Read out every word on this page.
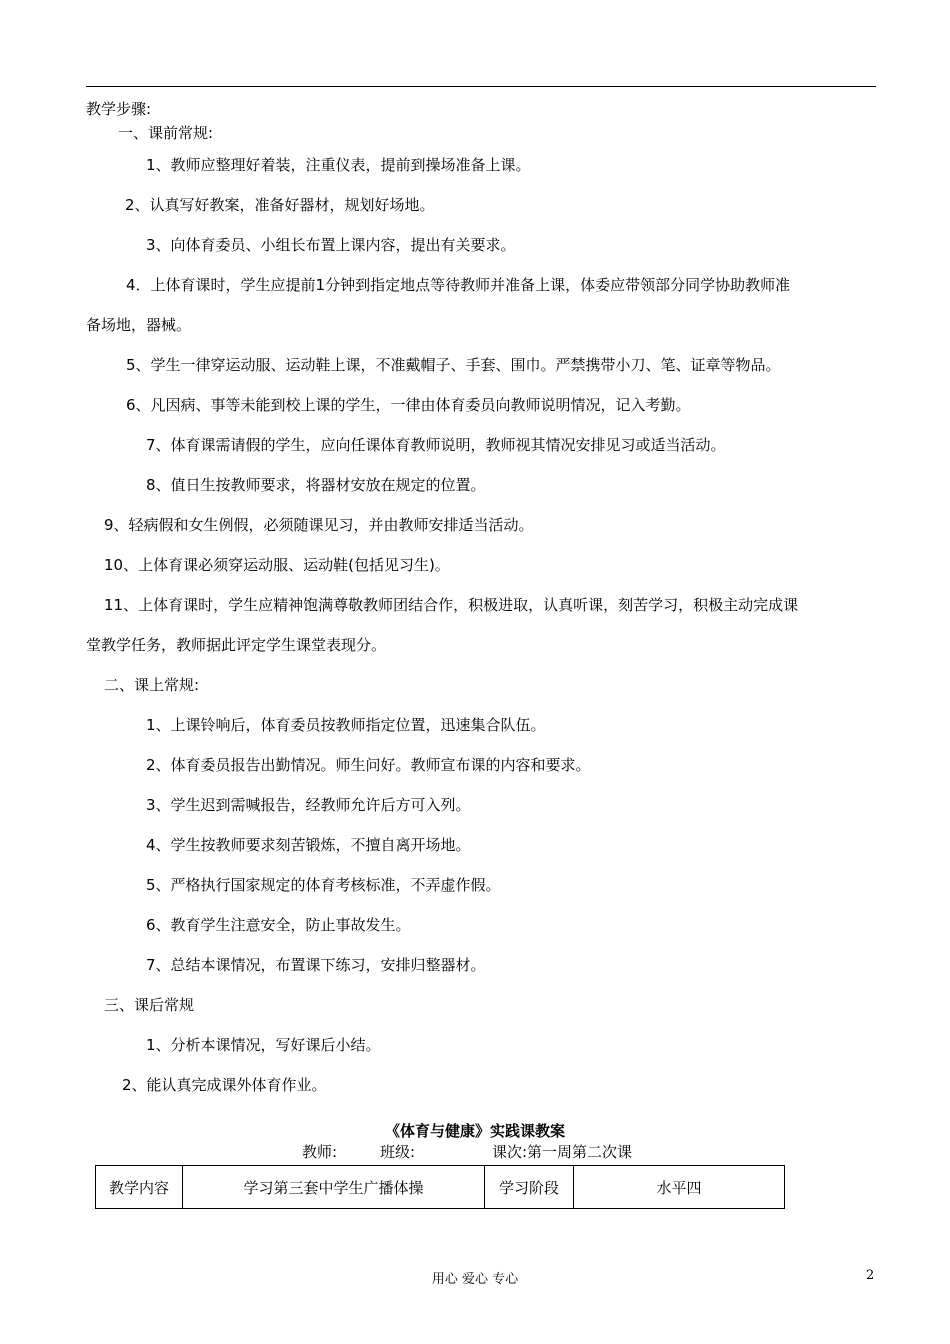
教学步骤:
一、课前常规:
1、教师应整理好着装，注重仪表，提前到操场准备上课。
2、认真写好教案，准备好器材，规划好场地。
3、向体育委员、小组长布置上课内容，提出有关要求。
4．上体育课时，学生应提前1分钟到指定地点等待教师并准备上课，体委应带领部分同学协助教师准
备场地，器械。
5、学生一律穿运动服、运动鞋上课，不准戴帽子、手套、围巾。严禁携带小刀、笔、证章等物品。
6、凡因病、事等未能到校上课的学生，一律由体育委员向教师说明情况，记入考勤。
7、体育课需请假的学生，应向任课体育教师说明，教师视其情况安排见习或适当活动。
8、值日生按教师要求，将器材安放在规定的位置。
9、轻病假和女生例假，必须随课见习，并由教师安排适当活动。
10、上体育课必须穿运动服、运动鞋(包括见习生)。
11、上体育课时，学生应精神饱满尊敬教师团结合作，积极进取，认真听课，刻苦学习，积极主动完成课
堂教学任务，教师据此评定学生课堂表现分。
二、课上常规:
1、上课铃响后，体育委员按教师指定位置，迅速集合队伍。
2、体育委员报告出勤情况。师生问好。教师宣布课的内容和要求。
3、学生迟到需喊报告，经教师允许后方可入列。
4、学生按教师要求刻苦锻炼，不擅自离开场地。
5、严格执行国家规定的体育考核标准，不弄虚作假。
6、教育学生注意安全，防止事故发生。
7、总结本课情况，布置课下练习，安排归整器材。
三、课后常规
1、分析本课情况，写好课后小结。
2、能认真完成课外体育作业。
《体育与健康》实践课教案
教师:	班级:	课次:第一周第二次课
教学内容	学习第三套中学生广播体操	学习阶段	水平四
用心 爱心 专心	2
